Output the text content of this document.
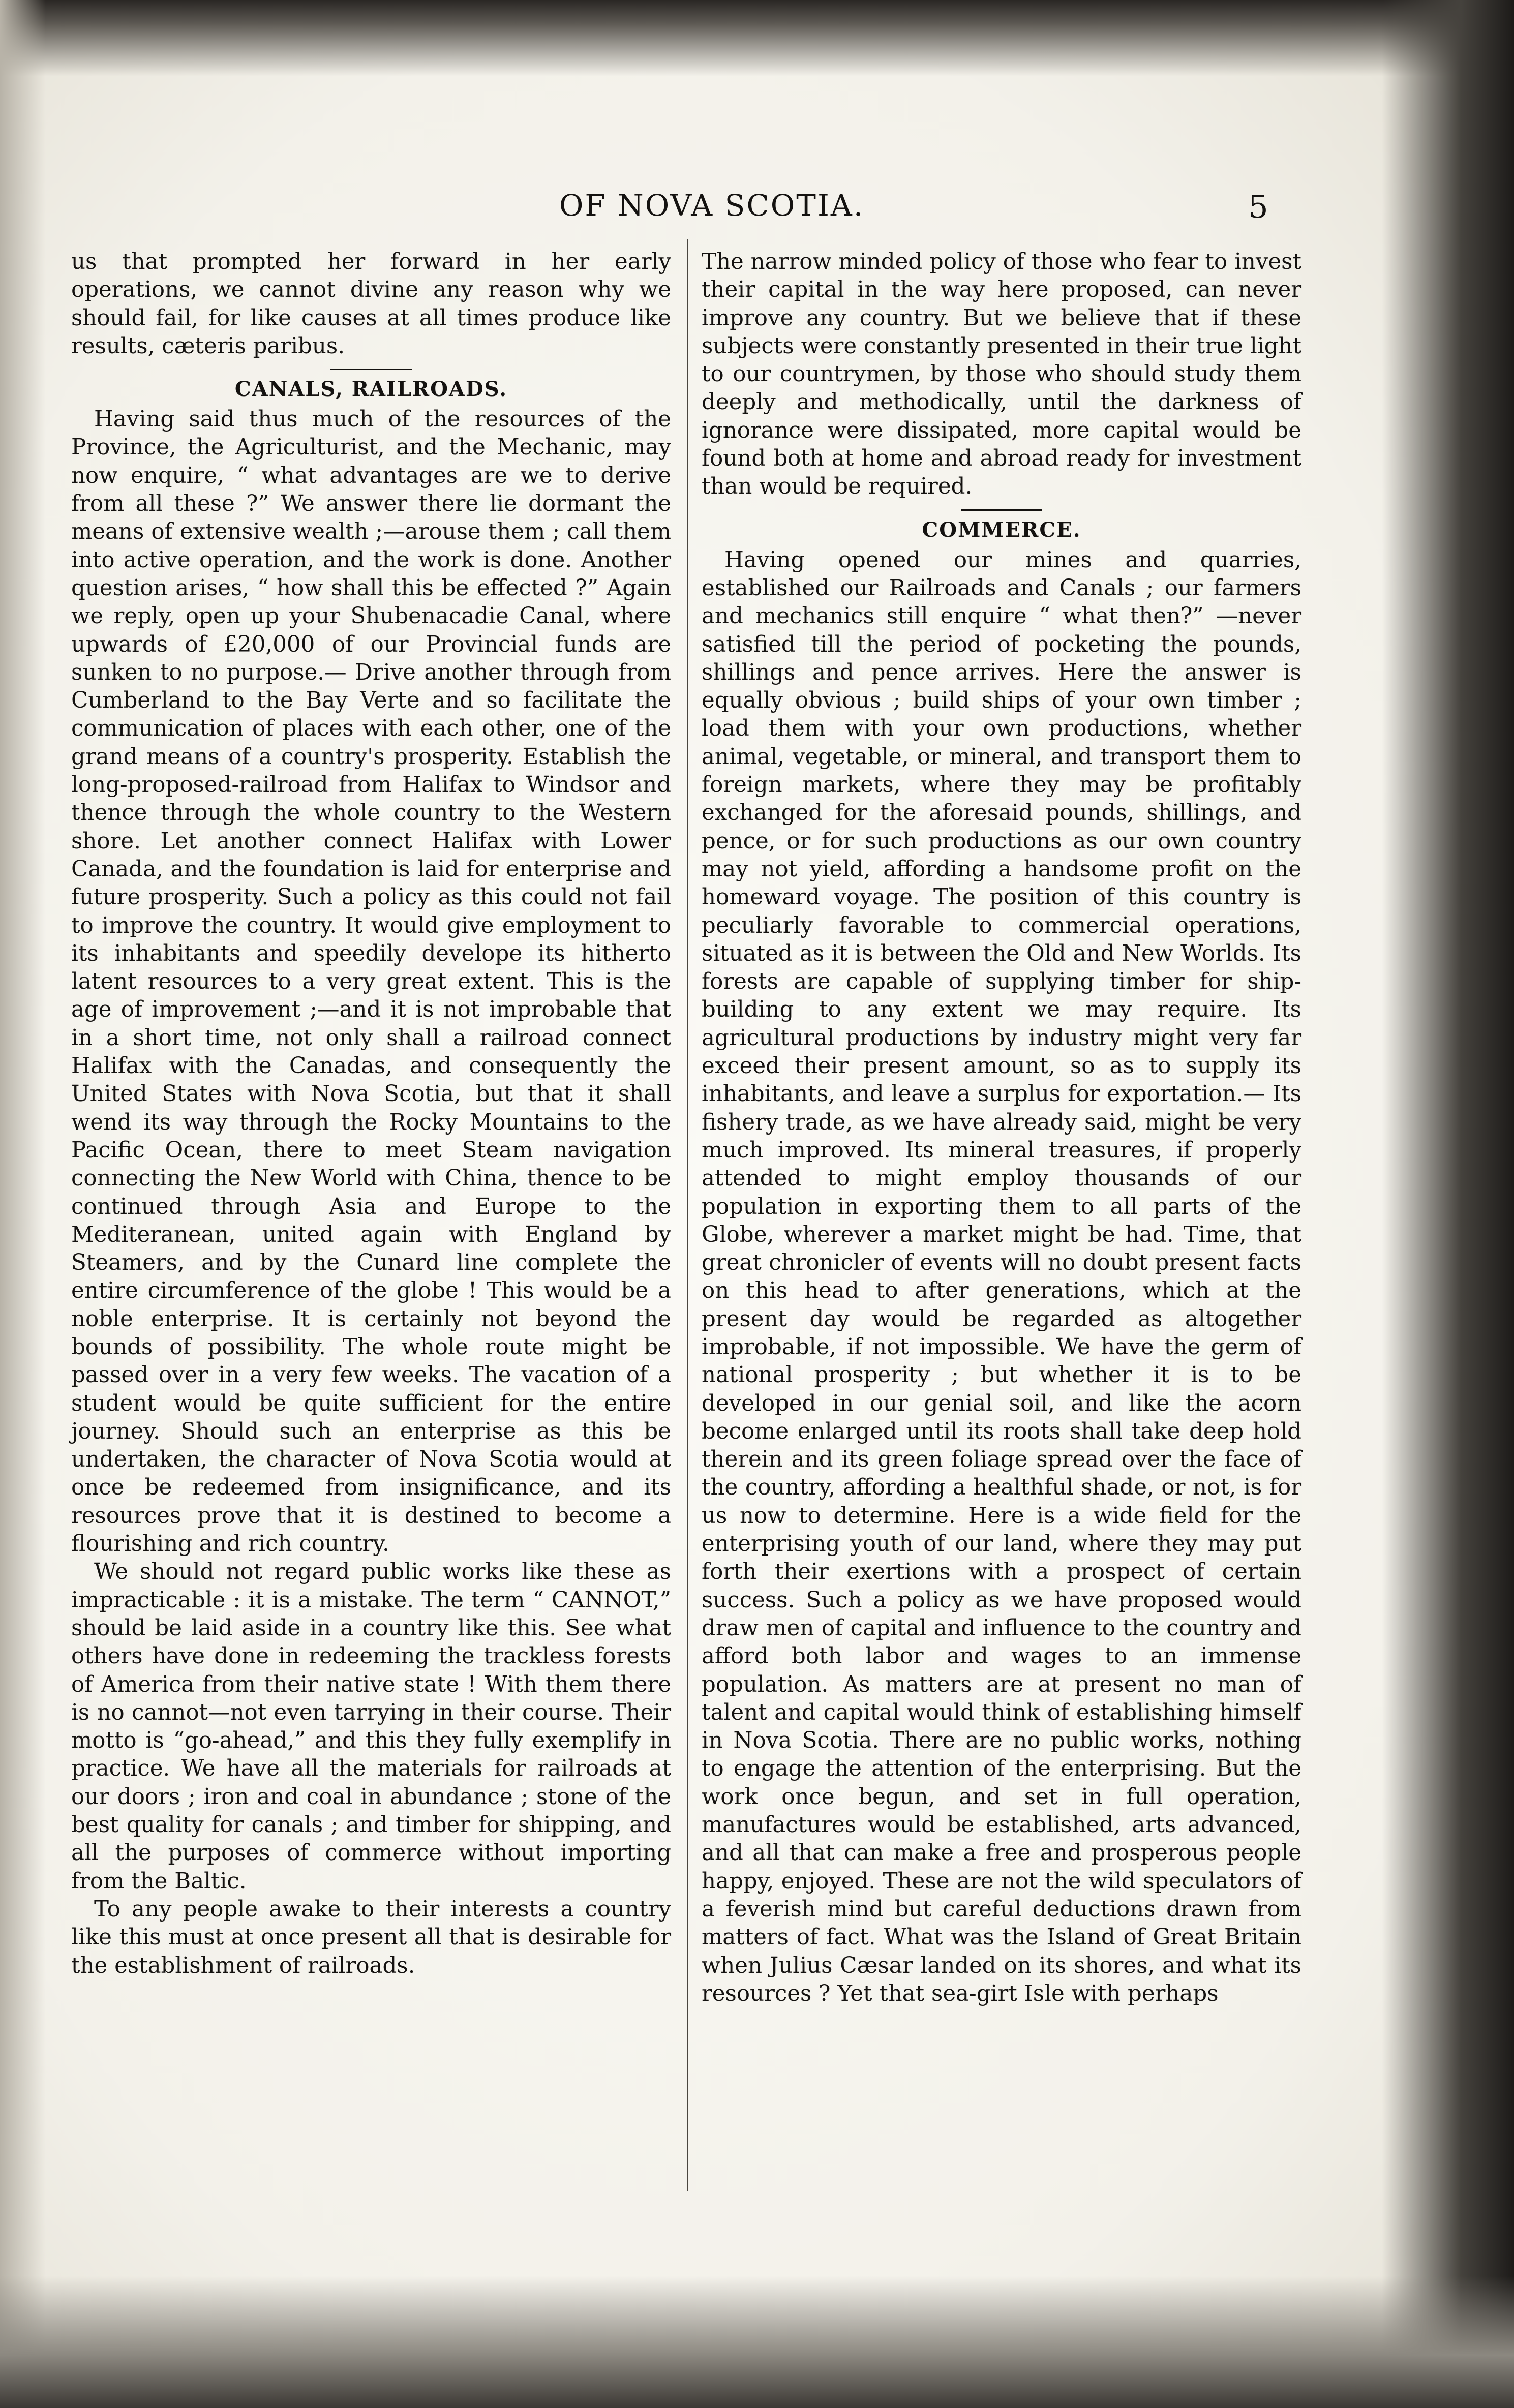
OF NOVA SCOTIA.	5

us that prompted her forward in her early operations, we cannot divine any reason why we should fail, for like causes at all times produce like results, cæteris paribus.

CANALS, RAILROADS.

Having said thus much of the resources of the Province, the Agriculturist, and the Mechanic, may now enquire, “ what advantages are we to derive from all these ?” We answer there lie dormant the means of extensive wealth ;—arouse them ; call them into active operation, and the work is done. Another question arises, “ how shall this be effected ?” Again we reply, open up your Shubenacadie Canal, where upwards of £20,000 of our Provincial funds are sunken to no purpose.— Drive another through from Cumberland to the Bay Verte and so facilitate the communication of places with each other, one of the grand means of a country's prosperity. Establish the long-proposed-railroad from Halifax to Windsor and thence through the whole country to the Western shore. Let another connect Halifax with Lower Canada, and the foundation is laid for enterprise and future prosperity. Such a policy as this could not fail to improve the country. It would give employment to its inhabitants and speedily develope its hitherto latent resources to a very great extent. This is the age of improvement ;—and it is not improbable that in a short time, not only shall a railroad connect Halifax with the Canadas, and consequently the United States with Nova Scotia, but that it shall wend its way through the Rocky Mountains to the Pacific Ocean, there to meet Steam navigation connecting the New World with China, thence to be continued through Asia and Europe to the Mediteranean, united again with England by Steamers, and by the Cunard line complete the entire circumference of the globe ! This would be a noble enterprise. It is certainly not beyond the bounds of possibility. The whole route might be passed over in a very few weeks. The vacation of a student would be quite sufficient for the entire journey. Should such an enterprise as this be undertaken, the character of Nova Scotia would at once be redeemed from insignificance, and its resources prove that it is destined to become a flourishing and rich country.

We should not regard public works like these as impracticable : it is a mistake. The term “ CANNOT,” should be laid aside in a country like this. See what others have done in redeeming the trackless forests of America from their native state ! With them there is no cannot—not even tarrying in their course. Their motto is “go-ahead,” and this they fully exemplify in practice. We have all the materials for railroads at our doors ; iron and coal in abundance ; stone of the best quality for canals ; and timber for shipping, and all the purposes of commerce without importing from the Baltic.

To any people awake to their interests a country like this must at once present all that is desirable for the establishment of railroads.

The narrow minded policy of those who fear to invest their capital in the way here proposed, can never improve any country. But we believe that if these subjects were constantly presented in their true light to our countrymen, by those who should study them deeply and methodically, until the darkness of ignorance were dissipated, more capital would be found both at home and abroad ready for investment than would be required.

COMMERCE.

Having opened our mines and quarries, established our Railroads and Canals ; our farmers and mechanics still enquire “ what then?” —never satisfied till the period of pocketing the pounds, shillings and pence arrives. Here the answer is equally obvious ; build ships of your own timber ; load them with your own productions, whether animal, vegetable, or mineral, and transport them to foreign markets, where they may be profitably exchanged for the aforesaid pounds, shillings, and pence, or for such productions as our own country may not yield, affording a handsome profit on the homeward voyage. The position of this country is peculiarly favorable to commercial operations, situated as it is between the Old and New Worlds. Its forests are capable of supplying timber for ship-building to any extent we may require. Its agricultural productions by industry might very far exceed their present amount, so as to supply its inhabitants, and leave a surplus for exportation.— Its fishery trade, as we have already said, might be very much improved. Its mineral treasures, if properly attended to might employ thousands of our population in exporting them to all parts of the Globe, wherever a market might be had. Time, that great chronicler of events will no doubt present facts on this head to after generations, which at the present day would be regarded as altogether improbable, if not impossible. We have the germ of national prosperity ; but whether it is to be developed in our genial soil, and like the acorn become enlarged until its roots shall take deep hold therein and its green foliage spread over the face of the country, affording a healthful shade, or not, is for us now to determine. Here is a wide field for the enterprising youth of our land, where they may put forth their exertions with a prospect of certain success. Such a policy as we have proposed would draw men of capital and influence to the country and afford both labor and wages to an immense population. As matters are at present no man of talent and capital would think of establishing himself in Nova Scotia. There are no public works, nothing to engage the attention of the enterprising. But the work once begun, and set in full operation, manufactures would be established, arts advanced, and all that can make a free and prosperous people happy, enjoyed. These are not the wild speculators of a feverish mind but careful deductions drawn from matters of fact. What was the Island of Great Britain when Julius Cæsar landed on its shores, and what its resources ? Yet that sea-girt Isle with perhaps
